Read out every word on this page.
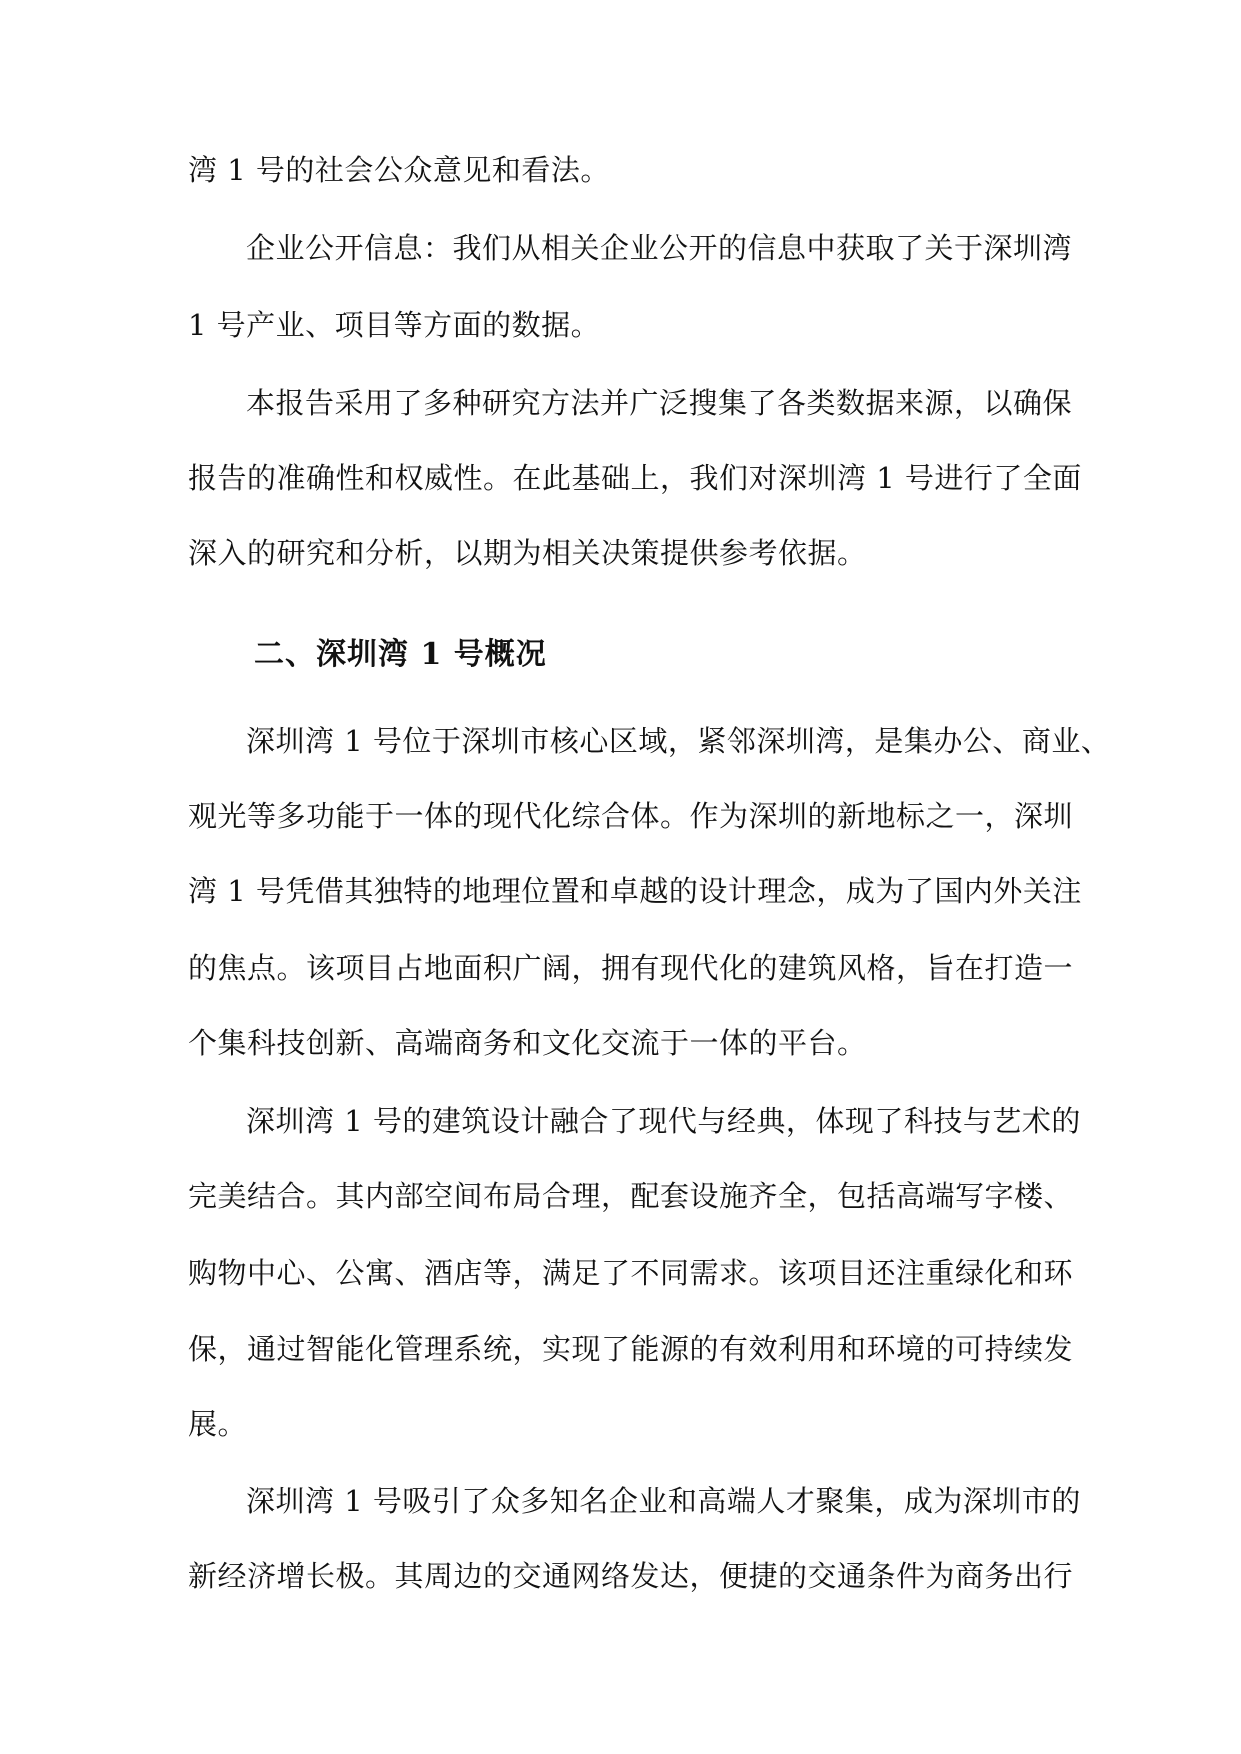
湾 1 号的社会公众意见和看法。
企业公开信息：我们从相关企业公开的信息中获取了关于深圳湾
1 号产业、项目等方面的数据。
本报告采用了多种研究方法并广泛搜集了各类数据来源，以确保
报告的准确性和权威性。在此基础上，我们对深圳湾 1 号进行了全面
深入的研究和分析，以期为相关决策提供参考依据。
二、深圳湾 1 号概况
深圳湾 1 号位于深圳市核心区域，紧邻深圳湾，是集办公、商业、
观光等多功能于一体的现代化综合体。作为深圳的新地标之一，深圳
湾 1 号凭借其独特的地理位置和卓越的设计理念，成为了国内外关注
的焦点。该项目占地面积广阔，拥有现代化的建筑风格，旨在打造一
个集科技创新、高端商务和文化交流于一体的平台。
深圳湾 1 号的建筑设计融合了现代与经典，体现了科技与艺术的
完美结合。其内部空间布局合理，配套设施齐全，包括高端写字楼、
购物中心、公寓、酒店等，满足了不同需求。该项目还注重绿化和环
保，通过智能化管理系统，实现了能源的有效利用和环境的可持续发
展。
深圳湾 1 号吸引了众多知名企业和高端人才聚集，成为深圳市的
新经济增长极。其周边的交通网络发达，便捷的交通条件为商务出行
